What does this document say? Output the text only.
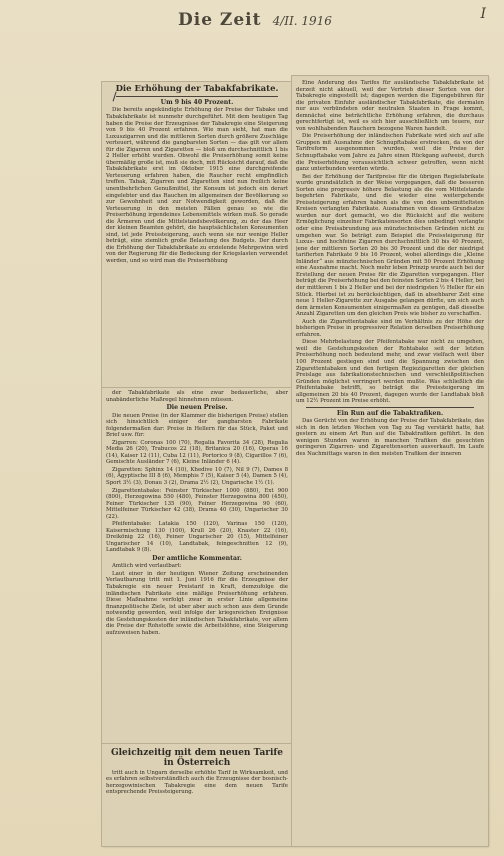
Die Zeit 4/II. 1916	I
Die Erhöhung der Tabakfabrikate.
Um 9 bis 40 Prozent.

Die bereits angekündigte Erhöhung der Preise der Tabake und Tabakfabrikate ist nunmehr durchgeführt. Mit dem heutigen Tag haben die Preise der Erzeugnisse der Tabakregie eine Steigerung von 9 bis 40 Prozent erfahren. Wie man sieht, hat man die Luxuszigarren und die mittleren Sorten durch größere Zuschläge verteuert, während die gangbarsten Sorten — das gilt vor allem für die Zigarren und Zigaretten — bloß um durchschnittlich 1 bis 2 Heller erhöht wurden. Obwohl die Preiserhöhung somit keine übermäßig große ist, muß sie doch, mit Rücksicht darauf, daß die Tabakfabrikate erst im Oktober 1915 eine durchgreifende Verteuerung erfahren haben, die Raucher recht empfindlich treffen. Tabak, Zigarren und Zigaretten sind nun freilich keine unentbehrlichen Genußmittel, ihr Konsum ist jedoch ein derart eingelebter und das Rauchen im allgemeinen der Bevölkerung so zur Gewohnheit und zur Notwendigkeit geworden, daß die Verteuerung in den meisten Fällen genau so wie die Preiserhöhung irgendeines Lebensmittels wirken muß. So gerade die Ärmeren und die Mittelstandsbevölkerung, zu der das Heer der kleinen Beamten gehört, die hauptsächlichsten Konsumenten sind, ist jede Preissteigerung, auch wenn sie nur wenige Heller beträgt, eine ziemlich große Belastung des Budgets. Der durch die Erhöhung der Tabakfabrikate zu erzielende Mehrgewinn wird von der Regierung für die Bedeckung der Kriegslasten verwendet werden, und so wird man die Preiserhöhung

der Tabakfabrikate als eine zwar bedauerliche, aber unabänderliche Maßregel hinnehmen müssen.

Die neuen Preise.

Die neuen Preise (in der Klammer die bisherigen Preise) stellen sich hinsichtlich einiger der gangbarsten Fabrikate folgendermaßen dar: Preise in Hellern für das Stück, Paket und Brief usw. für:

Zigarren: Coronas 100 (70), Regalia Favorita 34 (28), Regalia Media 26 (20), Trabucos 22 (18), Britanica 20 (16), Operas 16 (14), Kaiser 12 (11), Cuba 12 (11), Portorico 9 (8), Cigarillos 7 (6), Gemischte Ausländer 7 (6), Kleine Inländer 6 (4).

Zigaretten: Sphinx 14 (10), Khedive 10 (7), Nil 9 (7), Dames 8 (6), Ägyptische III 8 (6), Memphis 7 (5), Kaiser 5 (4), Damen 5 (4), Sport 3½ (3), Donau 3 (2), Drama 2½ (2), Ungarische 1½ (1).

Zigarettentabake: Feinster Türkischer 1000 (880), Ext 900 (800), Herzegowina 550 (480), Feinster Herzegowina 800 (450), Feiner Türkischer 135 (90), Feiner Herzegowina 90 (60), Mittelfeiner Türkischer 42 (38), Drama 40 (30), Ungarischer 30 (22).

Pfeifentabake: Latakia 150 (120), Varinas 150 (120), Kaisermischung 130 (100), Krull 26 (20), Knaster 22 (16), Dreikönig 22 (16), Feiner Ungarischer 20 (15), Mittelfeiner Ungarischer 14 (10), Landtabak, feingeschnitten 12 (9), Landtabak 9 (8).

Der amtliche Kommentar.

Amtlich wird verlautbart:

Laut einer in der heutigen Wiener Zeitung erscheinenden Verlautbarung tritt mit 1. Juni 1916 für die Erzeugnisse der Tabakregie ein neuer Preistarif in Kraft, demzufolge die inländischen Fabrikate eine mäßige Preiserhöhung erfahren. Diese Maßnahme verfolgt zwar in erster Linie allgemeine finanzpolitische Ziele, ist aber aber auch schon aus dem Grunde notwendig geworden, weil infolge der kriegsreichen Ereignisse die Gestehungskosten der inländischen Tabakfabrikate, vor allem die Preise der Rohstoffe sowie die Arbeitslöhne, eine Steigerung aufzuweisen haben.

Gleichzeitig mit dem neuen Tarife in Österreich

tritt auch in Ungarn derselbe erhöhte Tarif in Wirksamkeit, und es erfahren selbstverständlich auch die Erzeugnisse der bosnisch-herzegowinischen Tabakregie eine dem neuen Tarife entsprechende Preissteigerung.

Eine Änderung des Tarifes für ausländische Tabakfabrikate ist derzeit nicht aktuell, weil der Vertrieb dieser Sorten von der Tabakregie eingestellt ist; dagegen werden die Eigengebühren für die privaten Einfuhr ausländischer Tabakfabrikate, die dermalen nur aus verbündeten oder neutralen Staaten in Frage kommt, demnächst eine beträchtliche Erhöhung erfahren, die durchaus gerechtfertigt ist, weil es sich hier ausschließlich um teuere, nur von wohlhabenden Rauchern bezogene Waren handelt.

Die Preiserhöhung der inländischen Fabrikate wird sich auf alle Gruppen mit Ausnahme der Schnupftabake erstrecken, da von der Tarifreform ausgenommen wurden, weil die Preise der Schnupftabake vom Jahre zu Jahre einen Rückgang aufweist, durch die Preiserhöhung voraussichtlich schwer getroffen, wenn nicht ganz unterbunden werden würde.

Bei der Erhöhung der Tarifpreise für die übrigen Regiefabrikate wurde grundsätzlich in der Weise vorgegangen, daß die besseren Sorten eine progressiv höhere Belastung als die vom Mittelstande begehrten Fabrikate, und die wieder eine weitergehende Preissteigerung erfahren haben als die von den unbemitteltsten Kreisen verlangten Fabrikate. Ausnahmen von diesem Grundsatze wurden nur dort gemacht, wo die Rücksicht auf die weitere Ermöglichung einzelner Fabrikatensorten dies unbedingt verlangte oder eine Preisabrundung aus münztechnischen Gründen nicht zu umgehen war. So beträgt zum Beispiel die Preissteigerung für Luxus- und hochfeine Zigarren durchschnittlich 30 bis 40 Prozent, jene der mittleren Sorten 20 bis 30 Prozent und die der niedrigst tarifierten Fabrikate 9 bis 16 Prozent, wobei allerdings die „Kleine Inländer“ aus münztechnischen Gründen mit 50 Prozent Erhöhung eine Ausnahme macht. Noch mehr leben Prinzip wurde auch bei der Erstellung der neuen Preise für die Zigaretten vorgegangen. Hier beträgt die Preiserhöhung bei den feinsten Sorten 2 bis 4 Heller, bei der mittleren 1 bis 2 Heller und bei der niedrigsten ½ Heller für ein Stück. Hierbei ist zu berücksichtigen, daß in absehbarer Zeit eine neue 1 Heller-Zigarette zur Ausgabe gelangen dürfte, um sich auch dem ärmsten Konsumenten einigermaßen zu genügen, daß dieselbe Anzahl Zigaretten um den gleichen Preis wie bisher zu verschaffen.

Auch die Zigarettentabake sind im Verhältnis zu der Höhe der bisherigen Preise in progressiver Relation derselben Preiserhöhung erfahren.

Diese Mehrbelastung der Pfeifentabake war nicht zu umgehen, weil die Gestehungskosten der Rohtabake seit der letzten Preiserhöhung noch bedeutend mehr, und zwar vielfach weit über 100 Prozent gestiegen sind und die Spannung zwischen den Zigarettentabaken und den fertigen Regiezigaretten der gleichen Preislage aus fabrikationstechnischen und verschleißpolitischen Gründen möglichst verringert werden mußte. Was schließlich die Pfeifentabake betrifft, so beträgt die Preissteigerung im allgemeinen 20 bis 40 Prozent, dagegen wurde der Landtabak bloß um 12½ Prozent im Preise erhöht.

Ein Run auf die Tabaktrafiken.

Das Gerücht von der Erhöhung der Preise der Tabakfabrikate, das sich in den letzten Wochen von Tag zu Tag verstärkt hatte, hat gestern zu einem Art Run auf die Tabaktrafiken geführt. In den wenigen Stunden waren in manchen Trafiken die gesuchten geringeren Zigarren- und Zigarettensorten ausverkauft. Im Laufe des Nachmittags waren in den meisten Trafiken der inneren
